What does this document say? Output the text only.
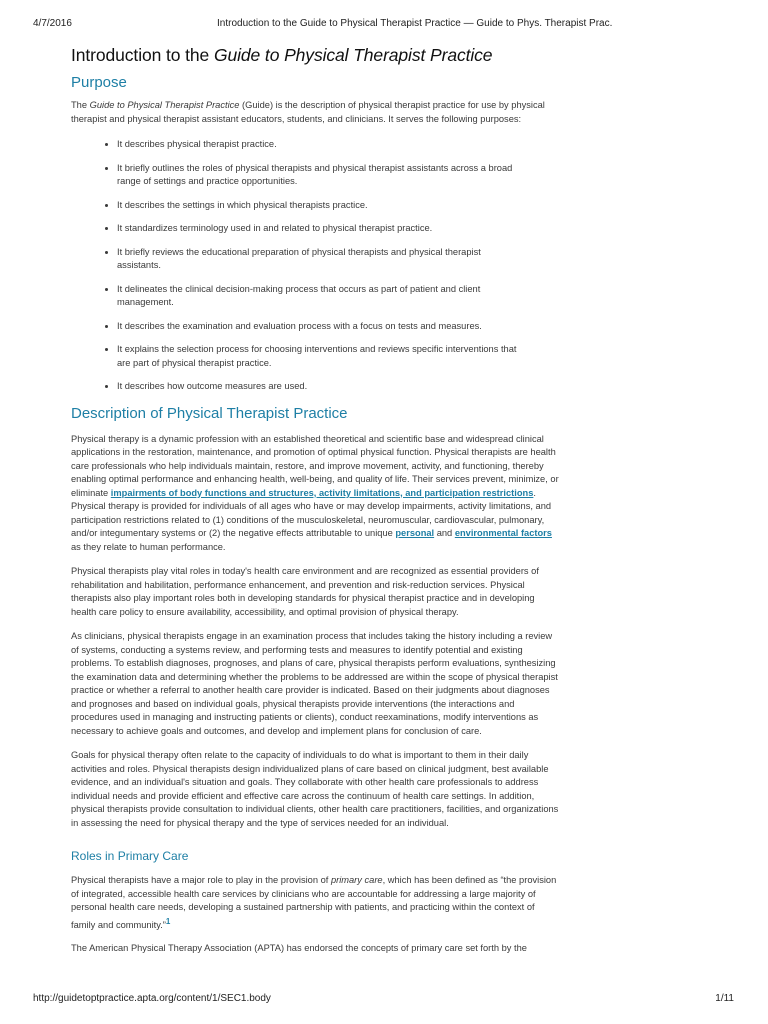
4/7/2016	Introduction to the Guide to Physical Therapist Practice — Guide to Phys. Therapist Prac.
Introduction to the Guide to Physical Therapist Practice
Purpose

The Guide to Physical Therapist Practice (Guide) is the description of physical therapist practice for use by physical therapist and physical therapist assistant educators, students, and clinicians. It serves the following purposes:

• It describes physical therapist practice.
• It briefly outlines the roles of physical therapists and physical therapist assistants across a broad range of settings and practice opportunities.
• It describes the settings in which physical therapists practice.
• It standardizes terminology used in and related to physical therapist practice.
• It briefly reviews the educational preparation of physical therapists and physical therapist assistants.
• It delineates the clinical decision-making process that occurs as part of patient and client management.
• It describes the examination and evaluation process with a focus on tests and measures.
• It explains the selection process for choosing interventions and reviews specific interventions that are part of physical therapist practice.
• It describes how outcome measures are used.
Description of Physical Therapist Practice

Physical therapy is a dynamic profession with an established theoretical and scientific base and widespread clinical applications in the restoration, maintenance, and promotion of optimal physical function. Physical therapists are health care professionals who help individuals maintain, restore, and improve movement, activity, and functioning, thereby enabling optimal performance and enhancing health, well-being, and quality of life. Their services prevent, minimize, or eliminate impairments of body functions and structures, activity limitations, and participation restrictions. Physical therapy is provided for individuals of all ages who have or may develop impairments, activity limitations, and participation restrictions related to (1) conditions of the musculoskeletal, neuromuscular, cardiovascular, pulmonary, and/or integumentary systems or (2) the negative effects attributable to unique personal and environmental factors as they relate to human performance.

Physical therapists play vital roles in today's health care environment and are recognized as essential providers of rehabilitation and habilitation, performance enhancement, and prevention and risk-reduction services. Physical therapists also play important roles both in developing standards for physical therapist practice and in developing health care policy to ensure availability, accessibility, and optimal provision of physical therapy.

As clinicians, physical therapists engage in an examination process that includes taking the history including a review of systems, conducting a systems review, and performing tests and measures to identify potential and existing problems. To establish diagnoses, prognoses, and plans of care, physical therapists perform evaluations, synthesizing the examination data and determining whether the problems to be addressed are within the scope of physical therapist practice or whether a referral to another health care provider is indicated. Based on their judgments about diagnoses and prognoses and based on individual goals, physical therapists provide interventions (the interactions and procedures used in managing and instructing patients or clients), conduct reexaminations, modify interventions as necessary to achieve goals and outcomes, and develop and implement plans for conclusion of care.

Goals for physical therapy often relate to the capacity of individuals to do what is important to them in their daily activities and roles. Physical therapists design individualized plans of care based on clinical judgment, best available evidence, and an individual's situation and goals. They collaborate with other health care professionals to address individual needs and provide efficient and effective care across the continuum of health care settings. In addition, physical therapists provide consultation to individual clients, other health care practitioners, facilities, and organizations in assessing the need for physical therapy and the type of services needed for an individual.

Roles in Primary Care

Physical therapists have a major role to play in the provision of primary care, which has been defined as “the provision of integrated, accessible health care services by clinicians who are accountable for addressing a large majority of personal health care needs, developing a sustained partnership with patients, and practicing within the context of family and community.”1

The American Physical Therapy Association (APTA) has endorsed the concepts of primary care set forth by the

http://guidetoptpractice.apta.org/content/1/SEC1.body	1/11
